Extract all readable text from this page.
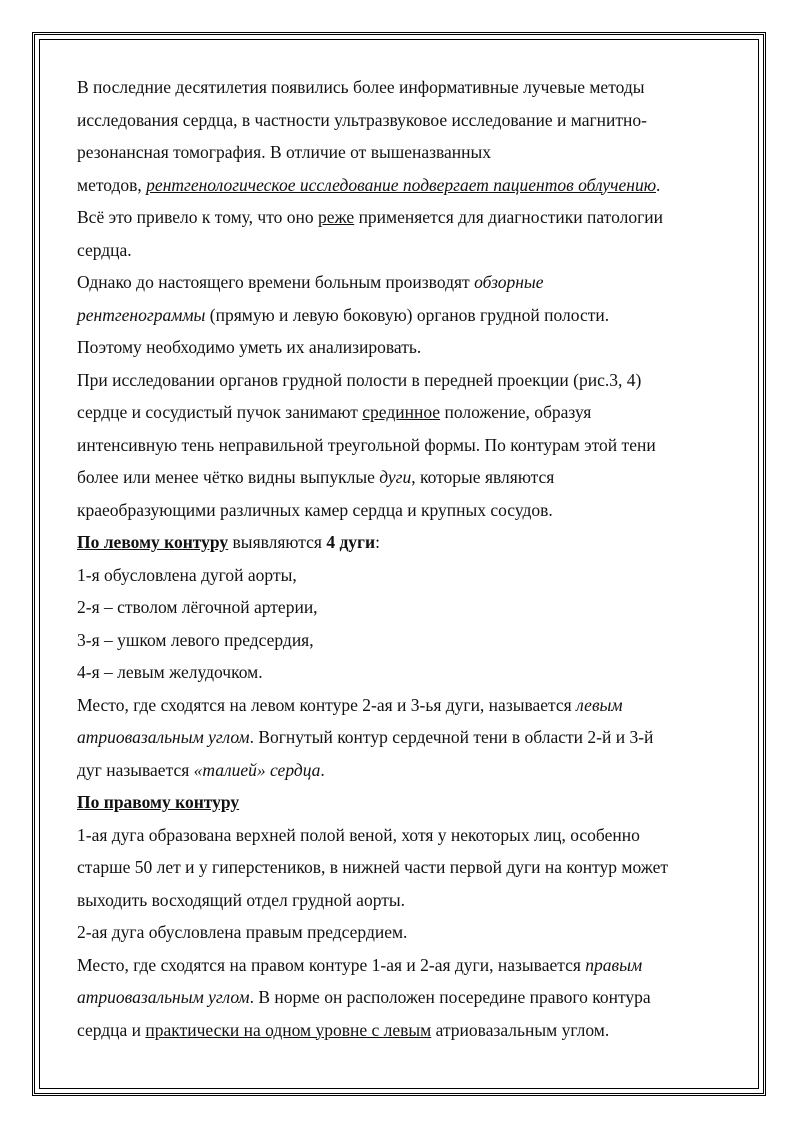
В последние десятилетия появились более информативные лучевые методы
исследования сердца, в частности ультразвуковое исследование и магнитно-
резонансная томография. В отличие от вышеназванных
методов, рентгенологическое исследование подвергает пациентов облучению.
Всё это привело к тому, что оно реже применяется для диагностики патологии
сердца.
Однако до настоящего времени больным производят обзорные
рентгенограммы (прямую и левую боковую) органов грудной полости.
Поэтому необходимо уметь их анализировать.
При исследовании органов грудной полости в передней проекции (рис.3, 4)
сердце и сосудистый пучок занимают срединное положение, образуя
интенсивную тень неправильной треугольной формы. По контурам этой тени
более или менее чётко видны выпуклые дуги, которые являются
краеобразующими различных камер сердца и крупных сосудов.
По левому контуру выявляются 4 дуги:
1-я обусловлена дугой аорты,
2-я – стволом лёгочной артерии,
3-я – ушком левого предсердия,
4-я – левым желудочком.
Место, где сходятся на левом контуре 2-ая и 3-ья дуги, называется левым
атриовазальным углом. Вогнутый контур сердечной тени в области 2-й и 3-й
дуг называется «талией» сердца.
По правому контуру
1-ая дуга образована верхней полой веной, хотя у некоторых лиц, особенно
старше 50 лет и у гиперстеников, в нижней части первой дуги на контур может
выходить восходящий отдел грудной аорты.
2-ая дуга обусловлена правым предсердием.
Место, где сходятся на правом контуре 1-ая и 2-ая дуги, называется правым
атриовазальным углом. В норме он расположен посередине правого контура
сердца и практически на одном уровне с левым атриовазальным углом.
